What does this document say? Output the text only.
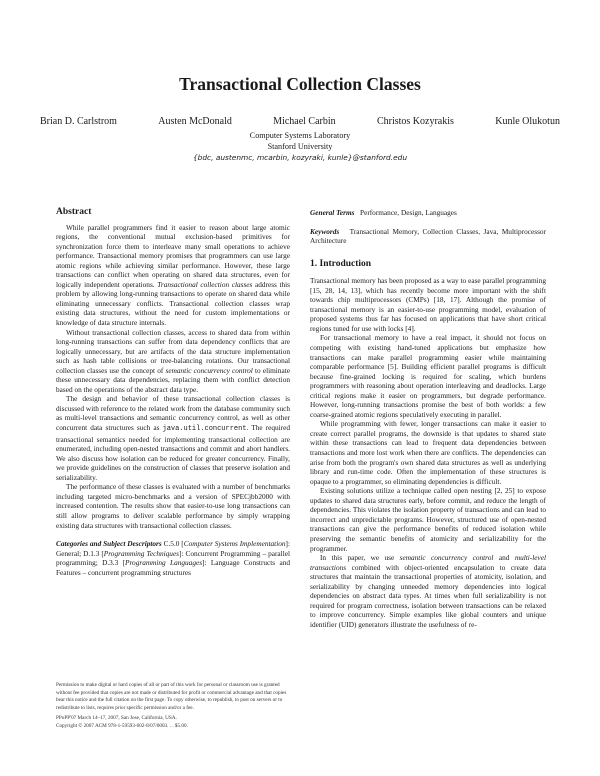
Transactional Collection Classes
Brian D. Carlstrom	Austen McDonald	Michael Carbin	Christos Kozyrakis	Kunle Olukotun
Computer Systems Laboratory
Stanford University
{bdc, austenmc, mcarbin, kozyraki, kunle}@stanford.edu
Abstract

While parallel programmers find it easier to reason about large atomic regions, the conventional mutual exclusion-based primitives for synchronization force them to interleave many small operations to achieve performance. Transactional memory promises that programmers can use large atomic regions while achieving similar performance. However, these large transactions can conflict when operating on shared data structures, even for logically independent operations. Transactional collection classes address this problem by allowing long-running transactions to operate on shared data while eliminating unnecessary conflicts. Transactional collection classes wrap existing data structures, without the need for custom implementations or knowledge of data structure internals.

Without transactional collection classes, access to shared data from within long-running transactions can suffer from data dependency conflicts that are logically unnecessary, but are artifacts of the data structure implementation such as hash table collisions or tree-balancing rotations. Our transactional collection classes use the concept of semantic concurrency control to eliminate these unnecessary data dependencies, replacing them with conflict detection based on the operations of the abstract data type.

The design and behavior of these transactional collection classes is discussed with reference to the related work from the database community such as multi-level transactions and semantic concurrency control, as well as other concurrent data structures such as java.util.concurrent. The required transactional semantics needed for implementing transactional collection are enumerated, including open-nested transactions and commit and abort handlers. We also discuss how isolation can be reduced for greater concurrency. Finally, we provide guidelines on the construction of classes that preserve isolation and serializability.

The performance of these classes is evaluated with a number of benchmarks including targeted micro-benchmarks and a version of SPECjbb2000 with increased contention. The results show that easier-to-use long transactions can still allow programs to deliver scalable performance by simply wrapping existing data structures with transactional collection classes.

Categories and Subject Descriptors C.5.0 [Computer Systems Implementation]: General; D.1.3 [Programming Techniques]: Concurrent Programming – parallel programming; D.3.3 [Programming Languages]: Language Constructs and Features – concurrent programming structures

General Terms Performance, Design, Languages

Keywords Transactional Memory, Collection Classes, Java, Multiprocessor Architecture

1. Introduction

Transactional memory has been proposed as a way to ease parallel programming [15, 28, 14, 13], which has recently become more important with the shift towards chip multiprocessors (CMPs) [18, 17]. Although the promise of transactional memory is an easier-to-use programming model, evaluation of proposed systems thus far has focused on applications that have short critical regions tuned for use with locks [4].

For transactional memory to have a real impact, it should not focus on competing with existing hand-tuned applications but emphasize how transactions can make parallel programming easier while maintaining comparable performance [5]. Building efficient parallel programs is difficult because fine-grained locking is required for scaling, which burdens programmers with reasoning about operation interleaving and deadlocks. Large critical regions make it easier on programmers, but degrade performance. However, long-running transactions promise the best of both worlds: a few coarse-grained atomic regions speculatively executing in parallel.

While programming with fewer, longer transactions can make it easier to create correct parallel programs, the downside is that updates to shared state within these transactions can lead to frequent data dependencies between transactions and more lost work when there are conflicts. The dependencies can arise from both the program's own shared data structures as well as underlying library and run-time code. Often the implementation of these structures is opaque to a programmer, so eliminating dependencies is difficult.

Existing solutions utilize a technique called open nesting [2, 25] to expose updates to shared data structures early, before commit, and reduce the length of dependencies. This violates the isolation property of transactions and can lead to incorrect and unpredictable programs. However, structured use of open-nested transactions can give the performance benefits of reduced isolation while preserving the semantic benefits of atomicity and serializability for the programmer.

In this paper, we use semantic concurrency control and multi-level transactions combined with object-oriented encapsulation to create data structures that maintain the transactional properties of atomicity, isolation, and serializability by changing unneeded memory dependencies into logical dependencies on abstract data types. At times when full serializability is not required for program correctness, isolation between transactions can be relaxed to improve concurrency. Simple examples like global counters and unique identifier (UID) generators illustrate the usefulness of re-

Permission to make digital or hard copies of all or part of this work for personal or classroom use is granted without fee provided that copies are not made or distributed for profit or commercial advantage and that copies bear this notice and the full citation on the first page. To copy otherwise, to republish, to post on servers or to redistribute to lists, requires prior specific permission and/or a fee.

PPoPP'07 March 14–17, 2007, San Jose, California, USA.

Copyright © 2007 ACM 978-1-59593-602-8/07/0003. . . $5.00.
